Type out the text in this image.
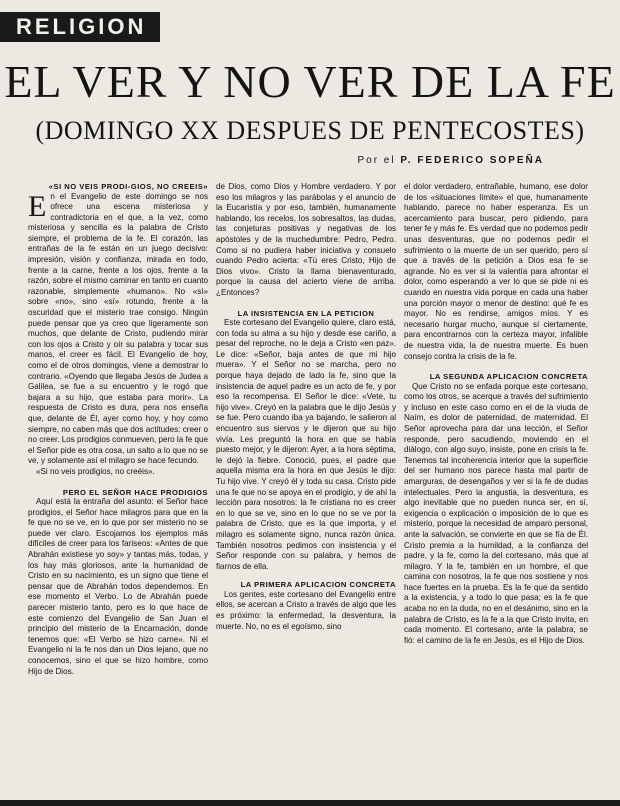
RELIGION
EL VER Y NO VER DE LA FE
(DOMINGO XX DESPUES DE PENTECOSTES)
Por el P. FEDERICO SOPEÑA

«SI NO VEIS PRODI-GIOS, NO CREEIS»

En el Evangelio de este domingo se nos ofrece una escena misteriosa y contradictoria en el que, a la vez, como misteriosa y sencilla es la palabra de Cristo siempre, el problema de la fe. El corazón, las entrañas de la fe están en un juego decisivo: impresión, visión y confianza, mirada en todo, frente a la carne, frente a los ojos, frente a la razón, sobre el mismo caminar en tanto en cuanto razonable, simplemente «humano». No «sí» sobre «no», sino «sí» rotundo, frente a la oscuridad que el misterio trae consigo. Ningún puede pensar que ya creo que ligeramente son muchos, que delante de Cristo, pudiendo mirar con los ojos a Cristo y oír su palabra y tocar sus manos, el creer es fácil. El Evangelio de hoy, como el de otros domingos, viene a demostrar lo contrario. «Oyendo que llegaba Jesús de Judea a Galilea, se fue a su encuentro y le rogó que bajara a su hijo, que estaba para morir». La respuesta de Cristo es dura, pera nos enseña que, delante de Él, ayer como hoy, y hoy como siempre, no caben más que dos actitudes: creer o no creer. Los prodigios conmueven, pero la fe que el Señor pide es otra cosa, un salto a lo que no se ve, y solamente así el milagro se hace fecundo.

«Si no veis prodigios, no creéis».

PERO EL SEÑOR HACE PRODIGIOS

Aquí está la entraña del asunto: el Señor hace prodigios, el Señor hace milagros para que en la fe que no se ve, en lo que por ser misterio no se puede ver claro. Escojamos los ejemplos más difíciles de creer para los fariseos: «Antes de que Abrahán existiese yo soy» y tantas más, todas, y los hay más gloriosos, ante la humanidad de Cristo en su nacimiento, es un signo que tiene el pensar que de Abrahán todos dependemos. En ese momento el Verbo. Lo de Abrahán puede parecer misterio tanto, pero es lo que hace de este comienzo del Evangelio de San Juan el principio del misterio de la Encarnación, donde tenemos que: «El Verbo se hizo carne». Ni el Evangelio ni la fe nos dan un Dios lejano, que no conocemos, sino el que se hizo hombre, como Hijo de Dios.

de Dios, como Dios y Hombre verdadero. Y por eso los milagros y las parábolas y el anuncio de la Eucaristía y por eso, también, humanamente hablando, los recelos, los sobresaltos, las dudas, las conjeturas positivas y negativas de los apóstoles y de la muchedumbre: Pedro, Pedro. Como si no pudiera haber iniciativa y consuelo cuando Pedro acierta: «Tú eres Cristo, Hijo de Dios vivo». Cristo la llama bienaventurado, porque la causa del acierto viene de arriba. ¿Entonces?

LA INSISTENCIA EN LA PETICION

Este cortesano del Evangelio quiere, claro está, con toda su alma a su hijo y desde ese cariño, a pesar del reproche, no le deja a Cristo «en paz». Le dice: «Señor, baja antes de que mi hijo muera». Y el Señor no se marcha, pero no porque haya dejado de lado la fe, sino que la insistencia de aquel padre es un acto de fe, y por eso la recompensa. El Señor le dice: «Vete, tu hijo vive». Creyó en la palabra que le dijo Jesús y se fue. Pero cuando iba ya bajando, le salieron al encuentro sus siervos y le dijeron que su hijo vivía. Les preguntó la hora en que se había puesto mejor, y le dijeron: Ayer, a la hora séptima, le dejó la fiebre. Conoció, pues, el padre que aquella misma era la hora en que Jesús le dijo: Tu hijo vive. Y creyó él y toda su casa. Cristo pide una fe que no se apoya en el prodigio, y de ahí la lección para nosotros: la fe cristiana no es creer en lo que se ve, sino en lo que no se ve por la palabra de Cristo, que es la que importa, y el milagro es solamente signo, nunca razón única. También nosotros pedimos con insistencia y el Señor responde con su palabra, y hemos de fiarnos de ella.

LA PRIMERA APLICACION CONCRETA

Los gentes, este cortesano del Evangelio entre ellos, se acercan a Cristo a través de algo que les es próximo: la enfermedad, la desventura, la muerte. No, no es el egoísmo, sino

el dolor verdadero, entrañable, humano, ese dolor de los «situaciones límite» el que, humanamente hablando, parece no haber esperanza. Es un acercamiento para buscar, pero pidiendo, para tener fe y más fe. Es verdad que no podemos pedir unas desventuras, que no podemos pedir el sufrimiento o la muerte de un ser querido, pero sí que a través de la petición a Dios esa fe se agrande. No es ver si la valentía para afrontar el dolor, como esperando a ver lo que se pide ni es cuando en nuestra vida porque en cada una haber una porción mayor o menor de destino: qué fe es mayor. No es rendirse, amigos míos. Y es necesario hurgar mucho, aunque sí ciertamente, para encontrarnos con la certeza mayor, infalible de nuestra vida, la de nuestra muerte. Es buen consejo contra la crisis de la fe.

LA SEGUNDA APLICACION CONCRETA

Que Cristo no se enfada porque este cortesano, como los otros, se acerque a través del sufrimiento y incluso en este caso como en el de la viuda de Naím, es dolor de paternidad, de maternidad. El Señor aprovecha para dar una lección, el Señor responde, pero sacudiendo, moviendo en el diálogo, con algo suyo, insiste, pone en crisis la fe. Tenemos tal incoherencia interior que la superficie del ser humano nos parece hasta mal partir de amarguras, de desengaños y ver si la fe de dudas intelectuales. Pero la angustia, la desventura, es algo inevitable que no pueden nunca ser, en sí, exigencia o explicación o imposición de lo que es misterio, porque la necesidad de amparo personal, ante la salvación, se convierte en que se fía de Él. Cristo premia a la humildad, a la confianza del padre, y la fe, como la del cortesano, más que al milagro. Y la fe, también en un hombre, el que camina con nosotros, la fe que nos sostiene y nos hace fuertes en la prueba. Es la fe que da sentido a la existencia, y a todo lo que pasa; es la fe que acaba no en la duda, no en el desánimo, sino en la palabra de Cristo, es la fe a la que Cristo invita, en cada momento. El cortesano, ante la palabra, se fió: el camino de la fe en Jesús, es el Hijo de Dios.
